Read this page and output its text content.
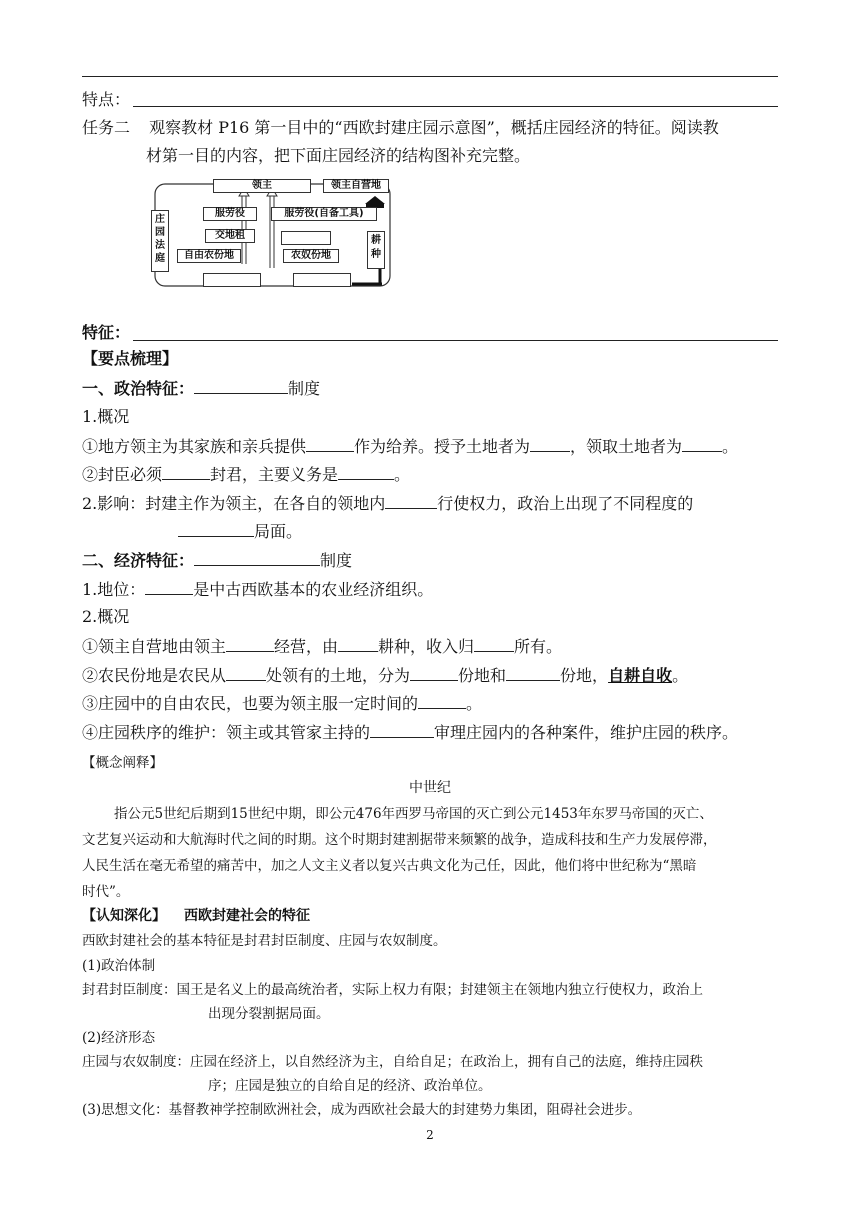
特点：
任务二 观察教材 P16 第一目中的“西欧封建庄园示意图”，概括庄园经济的特征。阅读教
材第一目的内容，把下面庄园经济的结构图补充完整。
领主	领主自营地
庄园法庭
服劳役	服劳役(自备工具)
交地租	耕种
自由农份地	农奴份地
特征：
【要点梳理】
一、政治特征：	制度
1.概况
①地方领主为其家族和亲兵提供	作为给养。授予土地者为	，领取土地者为	。
②封臣必须	封君，主要义务是	。
2.影响：封建主作为领主，在各自的领地内	行使权力，政治上出现了不同程度的
局面。
二、经济特征：	制度
1.地位：	是中古西欧基本的农业经济组织。
2.概况
①领主自营地由领主	经营，由	耕种，收入归	所有。
②农民份地是农民从	处领有的土地，分为	份地和	份地，自耕自收。
③庄园中的自由农民，也要为领主服一定时间的	。
④庄园秩序的维护：领主或其管家主持的	审理庄园内的各种案件，维护庄园的秩序。
【概念阐释】
中世纪
指公元5世纪后期到15世纪中期，即公元476年西罗马帝国的灭亡到公元1453年东罗马帝国的灭亡、
文艺复兴运动和大航海时代之间的时期。这个时期封建割据带来频繁的战争，造成科技和生产力发展停滞，
人民生活在毫无希望的痛苦中，加之人文主义者以复兴古典文化为己任，因此，他们将中世纪称为“黑暗
时代”。
【认知深化】 西欧封建社会的特征
西欧封建社会的基本特征是封君封臣制度、庄园与农奴制度。
(1)政治体制
封君封臣制度：国王是名义上的最高统治者，实际上权力有限；封建领主在领地内独立行使权力，政治上
出现分裂割据局面。
(2)经济形态
庄园与农奴制度：庄园在经济上，以自然经济为主，自给自足；在政治上，拥有自己的法庭，维持庄园秩
序；庄园是独立的自给自足的经济、政治单位。
(3)思想文化：基督教神学控制欧洲社会，成为西欧社会最大的封建势力集团，阻碍社会进步。
2
